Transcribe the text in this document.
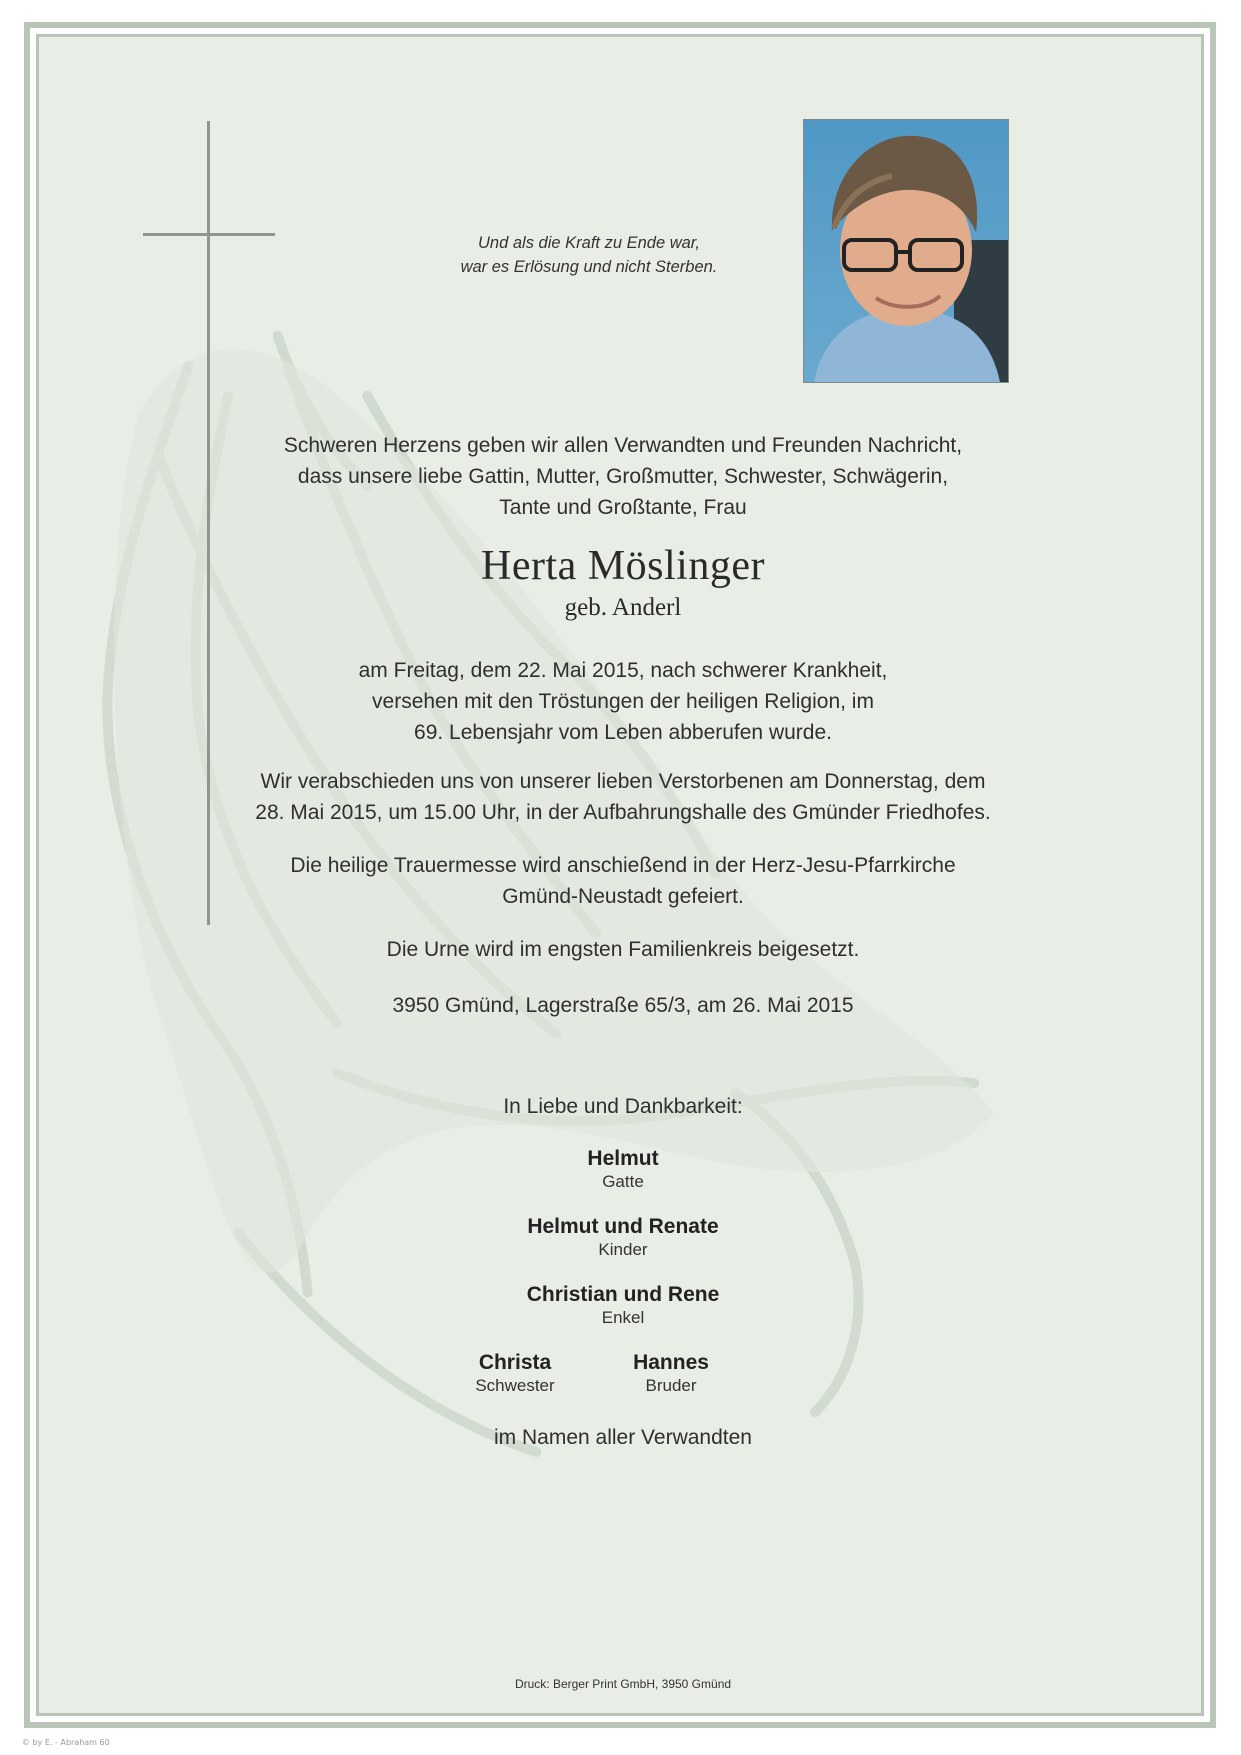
Und als die Kraft zu Ende war,
war es Erlösung und nicht Sterben.
Schweren Herzens geben wir allen Verwandten und Freunden Nachricht,
dass unsere liebe Gattin, Mutter, Großmutter, Schwester, Schwägerin,
Tante und Großtante, Frau
Herta Möslinger
geb. Anderl
am Freitag, dem 22. Mai 2015, nach schwerer Krankheit,
versehen mit den Tröstungen der heiligen Religion, im
69. Lebensjahr vom Leben abberufen wurde.
Wir verabschieden uns von unserer lieben Verstorbenen am Donnerstag, dem
28. Mai 2015, um 15.00 Uhr, in der Aufbahrungshalle des Gmünder Friedhofes.
Die heilige Trauermesse wird anschießend in der Herz-Jesu-Pfarrkirche
Gmünd-Neustadt gefeiert.
Die Urne wird im engsten Familienkreis beigesetzt.
3950 Gmünd, Lagerstraße 65/3, am 26. Mai 2015
In Liebe und Dankbarkeit:
Helmut
Gatte
Helmut und Renate
Kinder
Christian und Rene
Enkel
Christa
Schwester
Hannes
Bruder
im Namen aller Verwandten
Druck: Berger Print GmbH, 3950 Gmünd
© by E. - Abraham 60
